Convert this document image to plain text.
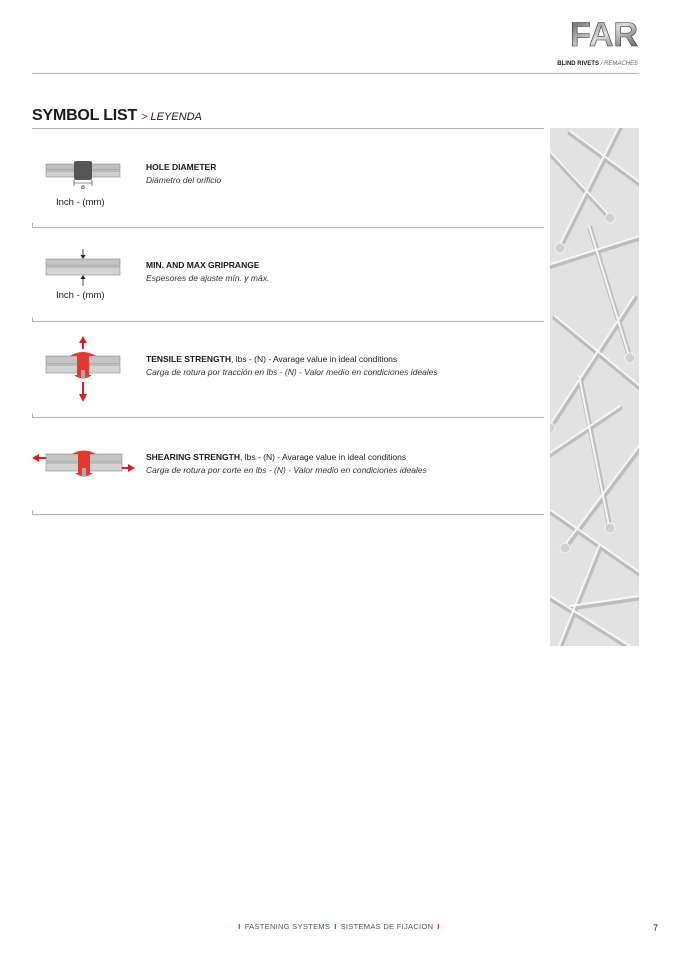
FAR
BLIND RIVETS / REMACHES
SYMBOL LIST > LEYENDA
ø
Inch - (mm)
HOLE DIAMETER
Diámetro del orificio
Inch - (mm)
MIN. AND MAX GRIPRANGE
Espesores de ajuste mín. y máx.
TENSILE STRENGTH, lbs - (N) - Avarage value in ideal conditions
Carga de rotura por tracción en lbs - (N) - Valor medio en condiciones ideales
SHEARING STRENGTH, lbs - (N) - Avarage value in ideal conditions
Carga de rotura por corte en lbs - (N) - Valor medio en condiciones ideales
I FASTENING SYSTEMS I SISTEMAS DE FIJACION I	7
